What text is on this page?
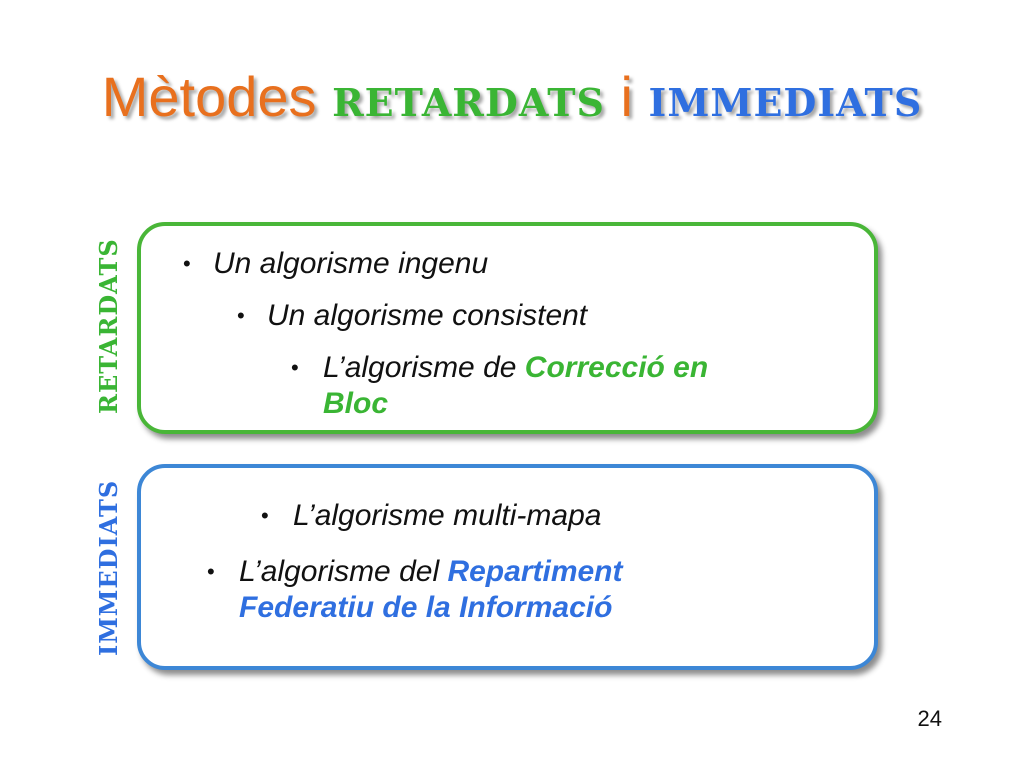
Mètodes retardats i immediats
retardats	• Un algorisme ingenu
• Un algorisme consistent
• L’algorisme de Correcció en
Bloc
immediats	• L’algorisme multi-mapa
• L’algorisme del Repartiment
Federatiu de la Informació
24
